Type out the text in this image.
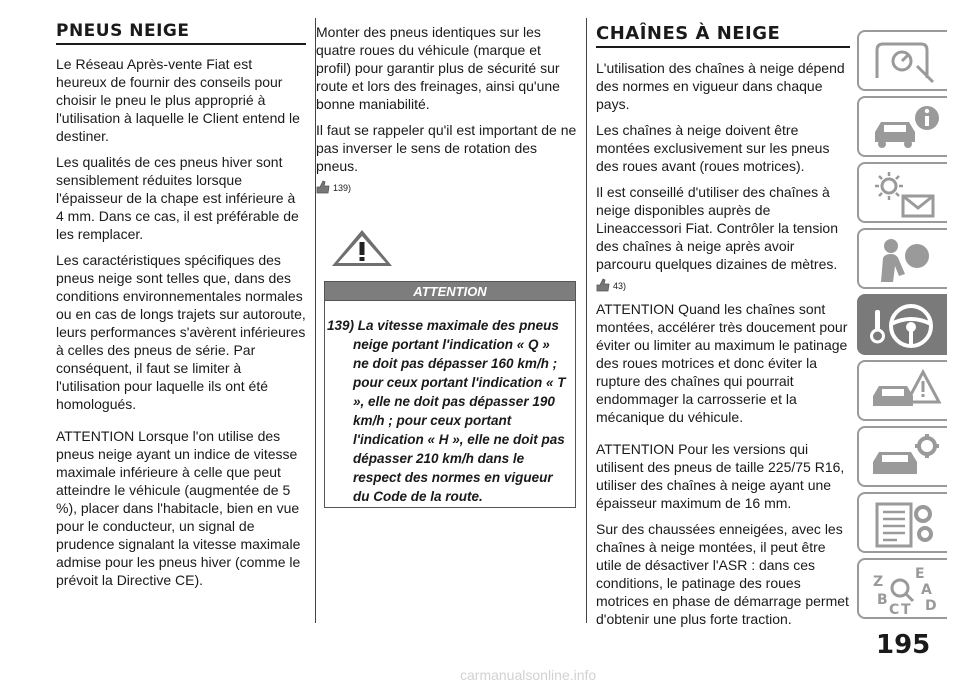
PNEUS NEIGE

Le Réseau Après-vente Fiat est heureux de fournir des conseils pour choisir le pneu le plus approprié à l'utilisation à laquelle le Client entend le destiner.

Les qualités de ces pneus hiver sont sensiblement réduites lorsque l'épaisseur de la chape est inférieure à 4 mm. Dans ce cas, il est préférable de les remplacer.

Les caractéristiques spécifiques des pneus neige sont telles que, dans des conditions environnementales normales ou en cas de longs trajets sur autoroute, leurs performances s'avèrent inférieures à celles des pneus de série. Par conséquent, il faut se limiter à l'utilisation pour laquelle ils ont été homologués.

ATTENTION Lorsque l'on utilise des pneus neige ayant un indice de vitesse maximale inférieure à celle que peut atteindre le véhicule (augmentée de 5 %), placer dans l'habitacle, bien en vue pour le conducteur, un signal de prudence signalant la vitesse maximale admise pour les pneus hiver (comme le prévoit la Directive CE).

Monter des pneus identiques sur les quatre roues du véhicule (marque et profil) pour garantir plus de sécurité sur route et lors des freinages, ainsi qu'une bonne maniabilité.

Il faut se rappeler qu'il est important de ne pas inverser le sens de rotation des pneus.

139)
ATTENTION

139) La vitesse maximale des pneus neige portant l'indication « Q » ne doit pas dépasser 160 km/h ; pour ceux portant l'indication « T », elle ne doit pas dépasser 190 km/h ; pour ceux portant l'indication « H », elle ne doit pas dépasser 210 km/h dans le respect des normes en vigueur du Code de la route.

CHAÎNES À NEIGE

L'utilisation des chaînes à neige dépend des normes en vigueur dans chaque pays.

Les chaînes à neige doivent être montées exclusivement sur les pneus des roues avant (roues motrices).

Il est conseillé d'utiliser des chaînes à neige disponibles auprès de Lineaccessori Fiat. Contrôler la tension des chaînes à neige après avoir parcouru quelques dizaines de mètres.

43)

ATTENTION Quand les chaînes sont montées, accélérer très doucement pour éviter ou limiter au maximum le patinage des roues motrices et donc éviter la rupture des chaînes qui pourrait endommager la carrosserie et la mécanique du véhicule.

ATTENTION Pour les versions qui utilisent des pneus de taille 225/75 R16, utiliser des chaînes à neige ayant une épaisseur maximum de 16 mm.

Sur des chaussées enneigées, avec les chaînes à neige montées, il peut être utile de désactiver l'ASR : dans ces conditions, le patinage des roues motrices en phase de démarrage permet d'obtenir une plus forte traction.

Z E
A
B
C T D
195
carmanualsonline.info
